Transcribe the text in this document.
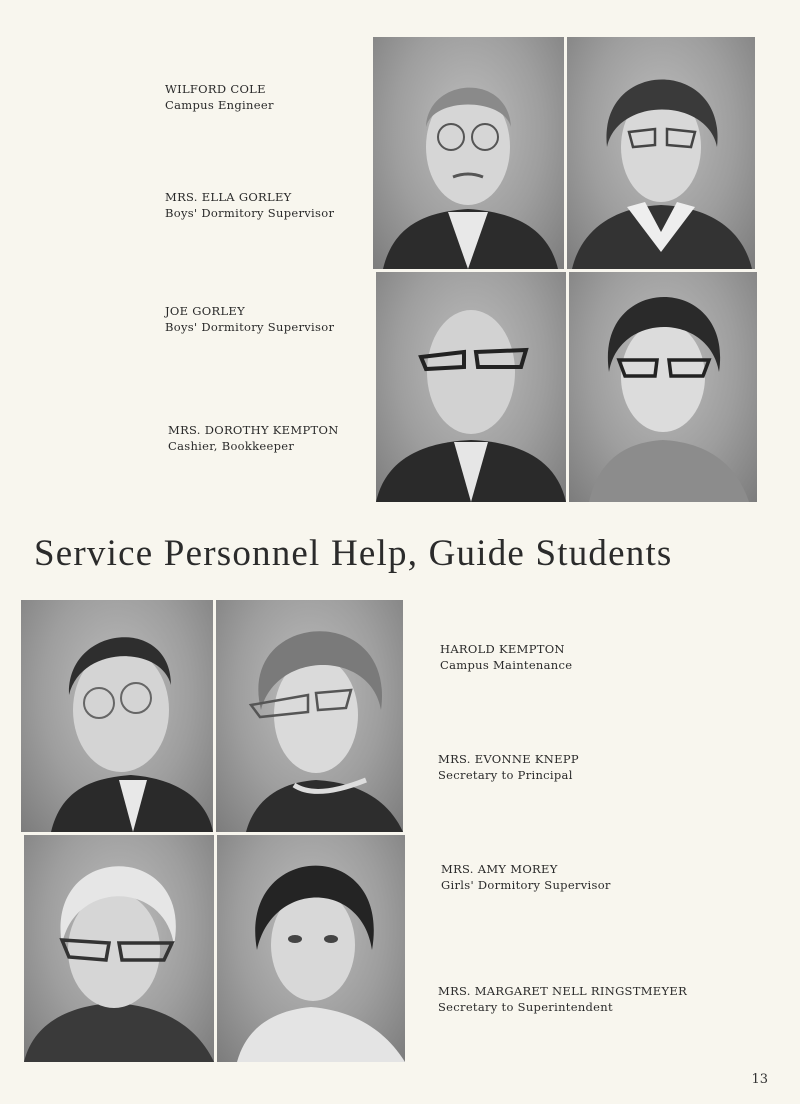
WILFORD COLE
Campus Engineer
MRS. ELLA GORLEY
Boys' Dormitory Supervisor
JOE GORLEY
Boys' Dormitory Supervisor
MRS. DOROTHY KEMPTON
Cashier, Bookkeeper
Service Personnel Help, Guide Students
HAROLD KEMPTON
Campus Maintenance
MRS. EVONNE KNEPP
Secretary to Principal
MRS. AMY MOREY
Girls' Dormitory Supervisor
MRS. MARGARET NELL RINGSTMEYER
Secretary to Superintendent
13
